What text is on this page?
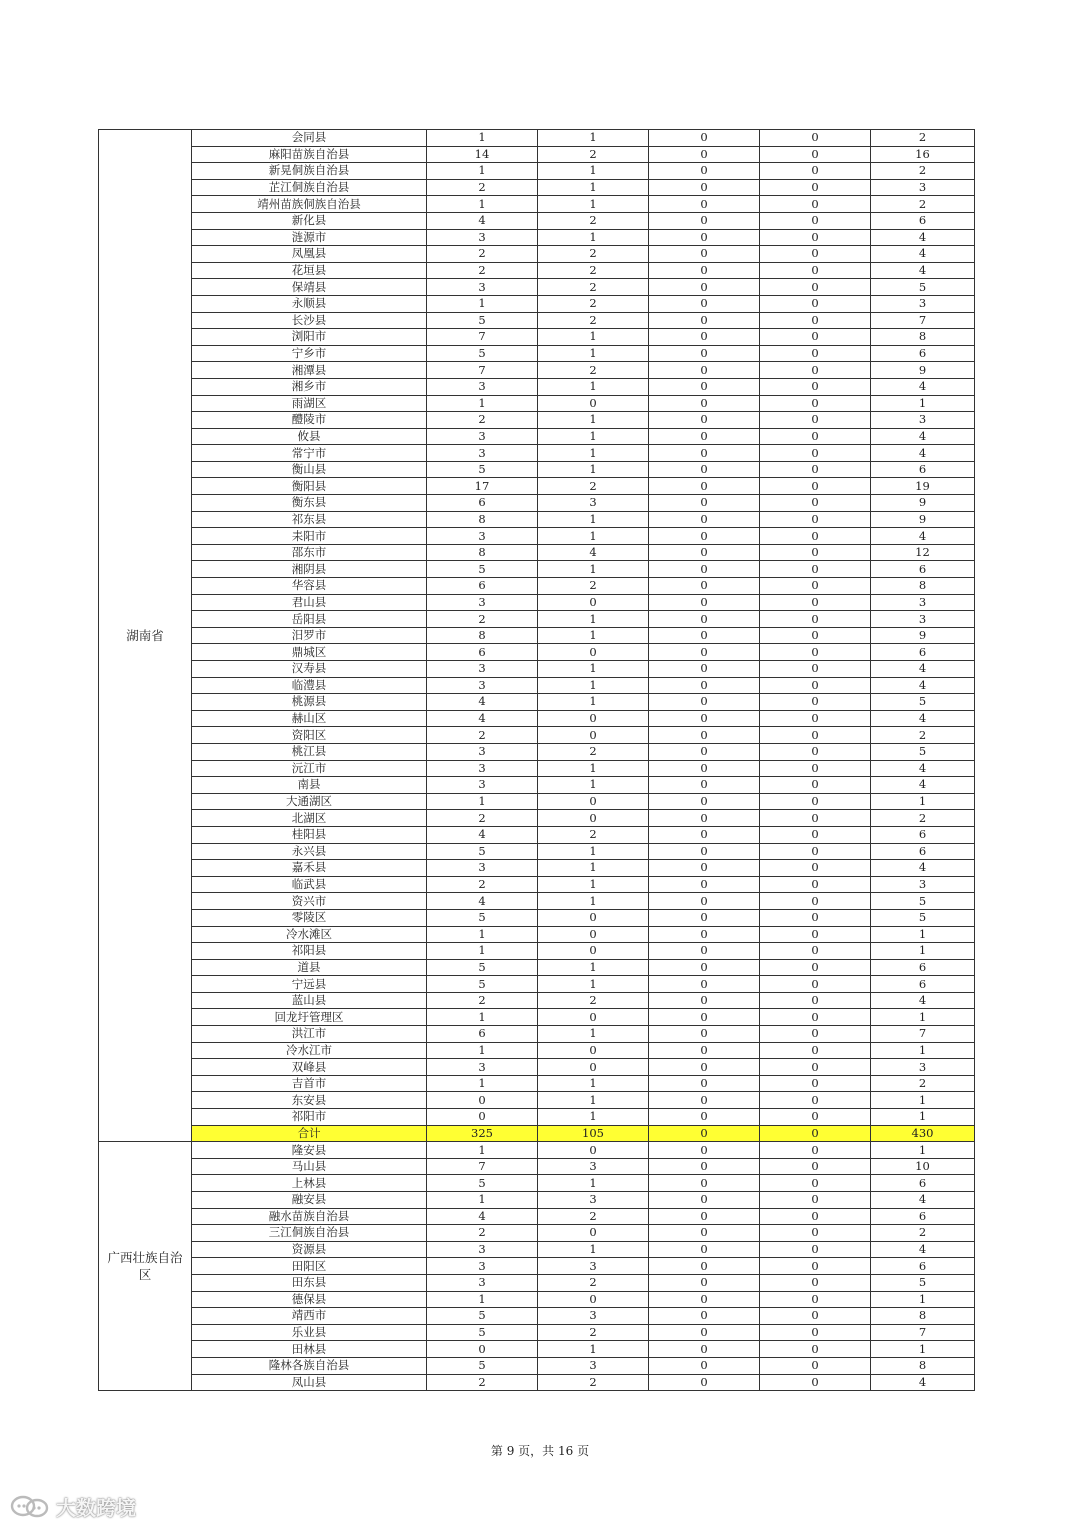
湖南省	会同县	1	1	0	0	2
	麻阳苗族自治县	14	2	0	0	16
	新晃侗族自治县	1	1	0	0	2
	芷江侗族自治县	2	1	0	0	3
	靖州苗族侗族自治县	1	1	0	0	2
	新化县	4	2	0	0	6
	涟源市	3	1	0	0	4
	凤凰县	2	2	0	0	4
	花垣县	2	2	0	0	4
	保靖县	3	2	0	0	5
	永顺县	1	2	0	0	3
	长沙县	5	2	0	0	7
	浏阳市	7	1	0	0	8
	宁乡市	5	1	0	0	6
	湘潭县	7	2	0	0	9
	湘乡市	3	1	0	0	4
	雨湖区	1	0	0	0	1
	醴陵市	2	1	0	0	3
	攸县	3	1	0	0	4
	常宁市	3	1	0	0	4
	衡山县	5	1	0	0	6
	衡阳县	17	2	0	0	19
	衡东县	6	3	0	0	9
	祁东县	8	1	0	0	9
	耒阳市	3	1	0	0	4
	邵东市	8	4	0	0	12
	湘阴县	5	1	0	0	6
	华容县	6	2	0	0	8
	君山县	3	0	0	0	3
	岳阳县	2	1	0	0	3
	汨罗市	8	1	0	0	9
	鼎城区	6	0	0	0	6
	汉寿县	3	1	0	0	4
	临澧县	3	1	0	0	4
	桃源县	4	1	0	0	5
	赫山区	4	0	0	0	4
	资阳区	2	0	0	0	2
	桃江县	3	2	0	0	5
	沅江市	3	1	0	0	4
	南县	3	1	0	0	4
	大通湖区	1	0	0	0	1
	北湖区	2	0	0	0	2
	桂阳县	4	2	0	0	6
	永兴县	5	1	0	0	6
	嘉禾县	3	1	0	0	4
	临武县	2	1	0	0	3
	资兴市	4	1	0	0	5
	零陵区	5	0	0	0	5
	冷水滩区	1	0	0	0	1
	祁阳县	1	0	0	0	1
	道县	5	1	0	0	6
	宁远县	5	1	0	0	6
	蓝山县	2	2	0	0	4
	回龙圩管理区	1	0	0	0	1
	洪江市	6	1	0	0	7
	冷水江市	1	0	0	0	1
	双峰县	3	0	0	0	3
	吉首市	1	1	0	0	2
	东安县	0	1	0	0	1
	祁阳市	0	1	0	0	1
	合计	325	105	0	0	430
广西壮族自治区	隆安县	1	0	0	0	1
	马山县	7	3	0	0	10
	上林县	5	1	0	0	6
	融安县	1	3	0	0	4
	融水苗族自治县	4	2	0	0	6
	三江侗族自治县	2	0	0	0	2
	资源县	3	1	0	0	4
	田阳区	3	3	0	0	6
	田东县	3	2	0	0	5
	德保县	1	0	0	0	1
	靖西市	5	3	0	0	8
	乐业县	5	2	0	0	7
	田林县	0	1	0	0	1
	隆林各族自治县	5	3	0	0	8
	凤山县	2	2	0	0	4
第 9 页，共 16 页
大数跨境
